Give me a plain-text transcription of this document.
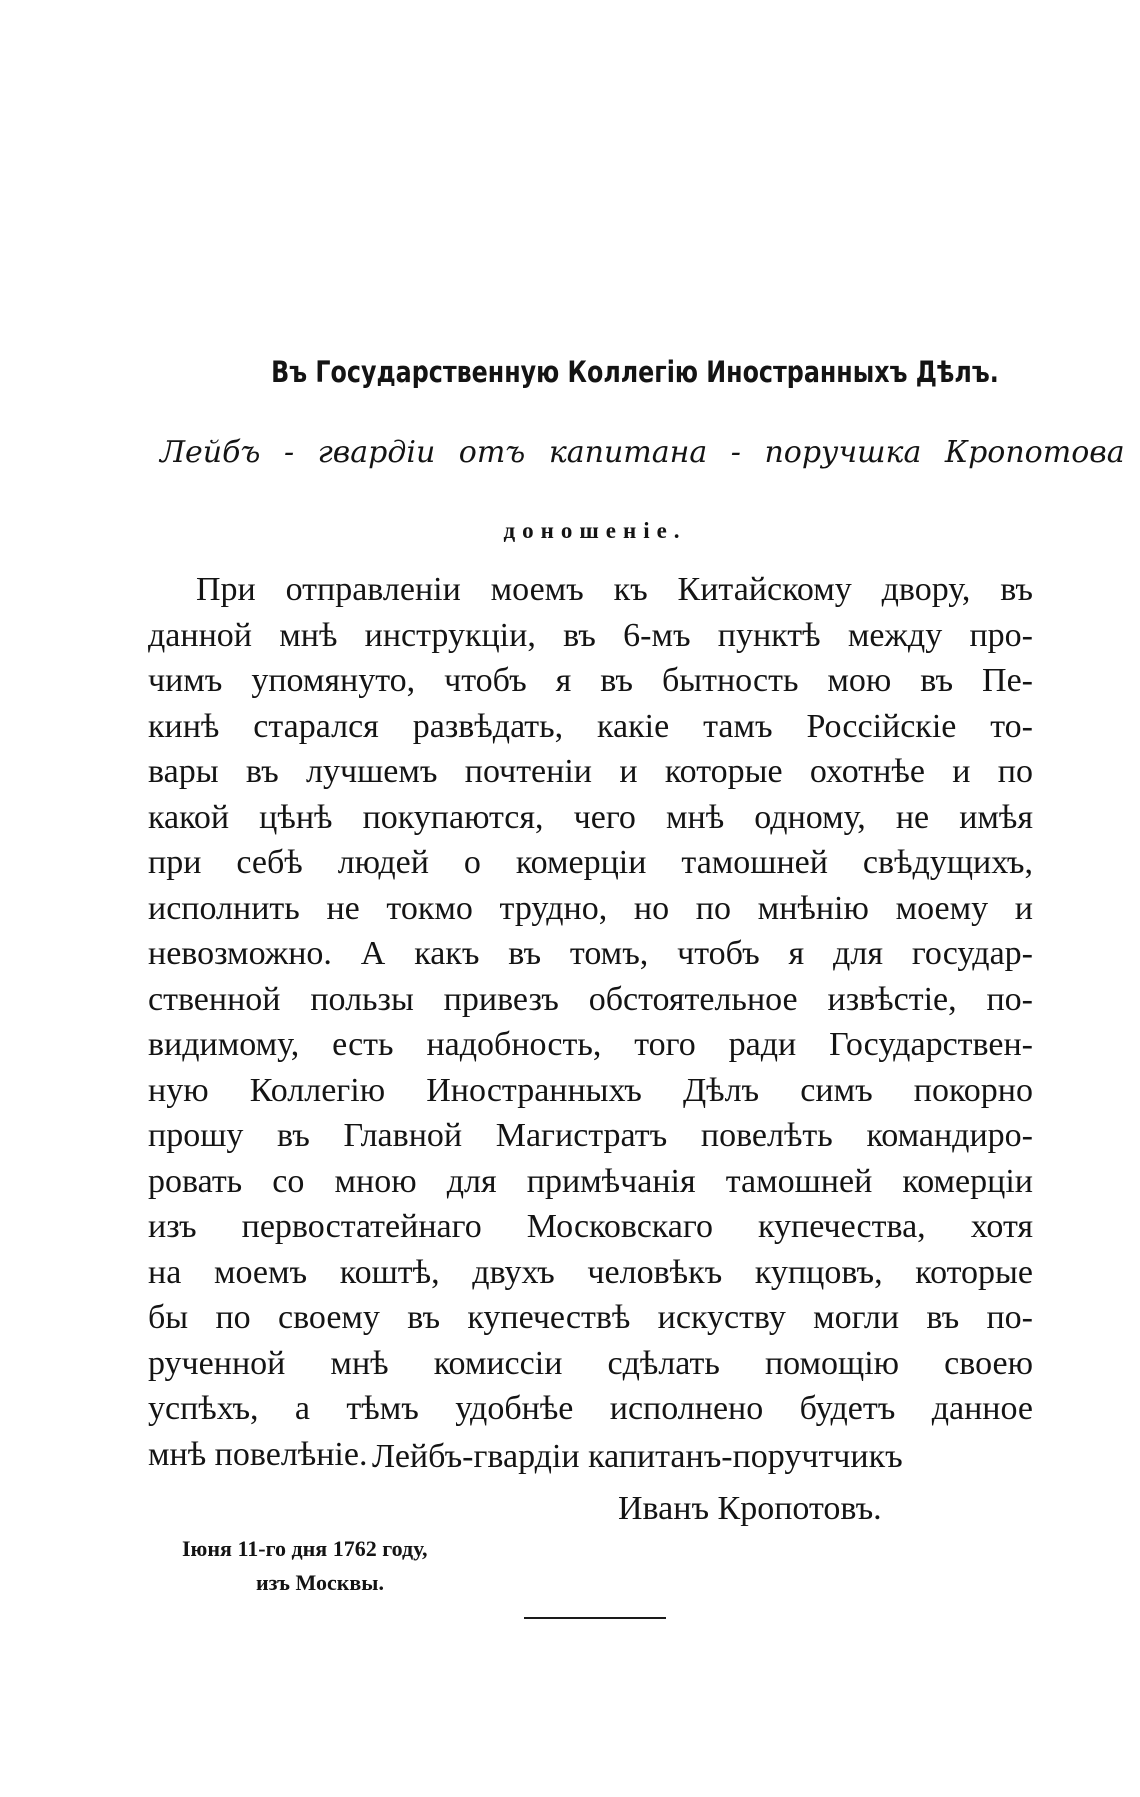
Въ Государственную Коллегію Иностранныхъ Дѣлъ.
Лейбъ - гвардіи отъ капитана - поручшка Кропотова
доношеніе.
При отправленіи моемъ къ Китайскому двору, въ
данной мнѣ инструкціи, въ 6-мъ пунктѣ между про-
чимъ упомянуто, чтобъ я въ бытность мою въ Пе-
кинѣ старался развѣдать, какіе тамъ Россійскіе то-
вары въ лучшемъ почтеніи и которые охотнѣе и по
какой цѣнѣ покупаются, чего мнѣ одному, не имѣя
при себѣ людей о комерціи тамошней свѣдущихъ,
исполнить не токмо трудно, но по мнѣнію моему и
невозможно. А какъ въ томъ, чтобъ я для государ-
ственной пользы привезъ обстоятельное извѣстіе, по-
видимому, есть надобность, того ради Государствен-
ную Коллегію Иностранныхъ Дѣлъ симъ покорно
прошу въ Главной Магистратъ повелѣть командиро-
ровать со мною для примѣчанія тамошней комерціи
изъ первостатейнаго Московскаго купечества, хотя
на моемъ коштѣ, двухъ человѣкъ купцовъ, которые
бы по своему въ купечествѣ искуству могли въ по-
рученной мнѣ комиссіи сдѣлать помощію своею
успѣхъ, а тѣмъ удобнѣе исполнено будетъ данное
мнѣ повелѣніе. Лейбъ-гвардіи капитанъ-поручтчикъ
Иванъ Кропотовъ.
Іюня 11-го дня 1762 году,
изъ Москвы.
